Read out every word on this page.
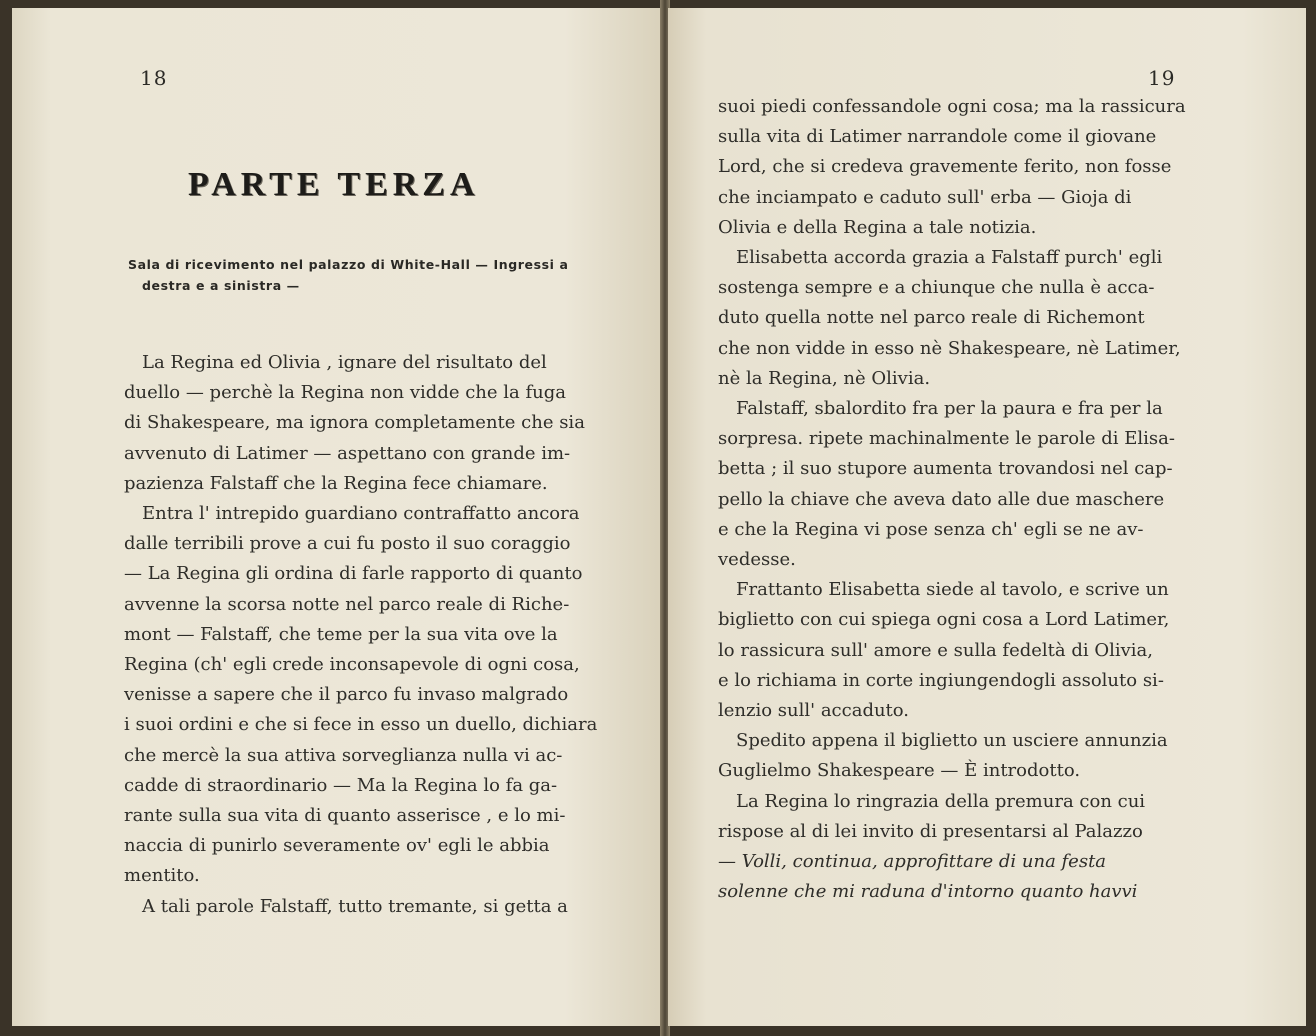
18
PARTE TERZA
Sala di ricevimento nel palazzo di White-Hall — Ingressi a
destra e a sinistra —
La Regina ed Olivia , ignare del risultato del
duello — perchè la Regina non vidde che la fuga
di Shakespeare, ma ignora completamente che sia
avvenuto di Latimer — aspettano con grande im-
pazienza Falstaff che la Regina fece chiamare.
Entra l' intrepido guardiano contraffatto ancora
dalle terribili prove a cui fu posto il suo coraggio
— La Regina gli ordina di farle rapporto di quanto
avvenne la scorsa notte nel parco reale di Riche-
mont — Falstaff, che teme per la sua vita ove la
Regina (ch' egli crede inconsapevole di ogni cosa,
venisse a sapere che il parco fu invaso malgrado
i suoi ordini e che si fece in esso un duello, dichiara
che mercè la sua attiva sorveglianza nulla vi ac-
cadde di straordinario — Ma la Regina lo fa ga-
rante sulla sua vita di quanto asserisce , e lo mi-
naccia di punirlo severamente ov' egli le abbia
mentito.
A tali parole Falstaff, tutto tremante, si getta a
19
suoi piedi confessandole ogni cosa; ma la rassicura
sulla vita di Latimer narrandole come il giovane
Lord, che si credeva gravemente ferito, non fosse
che inciampato e caduto sull' erba — Gioja di
Olivia e della Regina a tale notizia.
Elisabetta accorda grazia a Falstaff purch' egli
sostenga sempre e a chiunque che nulla è acca-
duto quella notte nel parco reale di Richemont
che non vidde in esso nè Shakespeare, nè Latimer,
nè la Regina, nè Olivia.
Falstaff, sbalordito fra per la paura e fra per la
sorpresa. ripete machinalmente le parole di Elisa-
betta ; il suo stupore aumenta trovandosi nel cap-
pello la chiave che aveva dato alle due maschere
e che la Regina vi pose senza ch' egli se ne av-
vedesse.
Frattanto Elisabetta siede al tavolo, e scrive un
biglietto con cui spiega ogni cosa a Lord Latimer,
lo rassicura sull' amore e sulla fedeltà di Olivia,
e lo richiama in corte ingiungendogli assoluto si-
lenzio sull' accaduto.
Spedito appena il biglietto un usciere annunzia
Guglielmo Shakespeare — È introdotto.
La Regina lo ringrazia della premura con cui
rispose al di lei invito di presentarsi al Palazzo
— Volli, continua, approfittare di una festa
solenne che mi raduna d'intorno quanto havvi
